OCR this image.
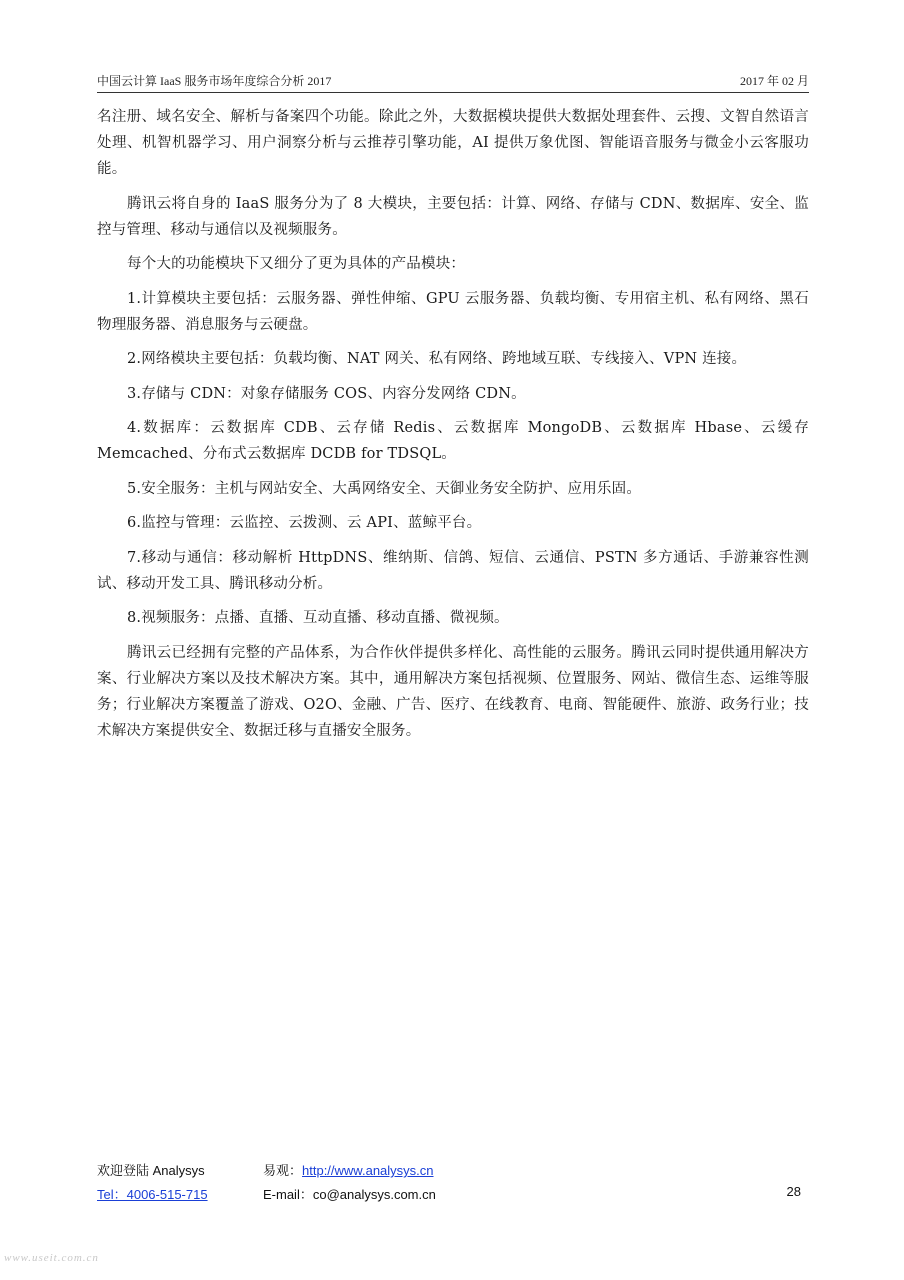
中国云计算 IaaS 服务市场年度综合分析 2017	2017 年 02 月

名注册、域名安全、解析与备案四个功能。除此之外，大数据模块提供大数据处理套件、云搜、文智自然语言处理、机智机器学习、用户洞察分析与云推荐引擎功能，AI 提供万象优图、智能语音服务与微金小云客服功能。

腾讯云将自身的 IaaS 服务分为了 8 大模块，主要包括：计算、网络、存储与 CDN、数据库、安全、监控与管理、移动与通信以及视频服务。

每个大的功能模块下又细分了更为具体的产品模块：

1.计算模块主要包括：云服务器、弹性伸缩、GPU 云服务器、负载均衡、专用宿主机、私有网络、黑石物理服务器、消息服务与云硬盘。

2.网络模块主要包括：负载均衡、NAT 网关、私有网络、跨地域互联、专线接入、VPN 连接。

3.存储与 CDN：对象存储服务 COS、内容分发网络 CDN。

4.数据库：云数据库 CDB、云存储 Redis、云数据库 MongoDB、云数据库 Hbase、云缓存 Memcached、分布式云数据库 DCDB for TDSQL。

5.安全服务：主机与网站安全、大禹网络安全、天御业务安全防护、应用乐固。

6.监控与管理：云监控、云拨测、云 API、蓝鲸平台。

7.移动与通信：移动解析 HttpDNS、维纳斯、信鸽、短信、云通信、PSTN 多方通话、手游兼容性测试、移动开发工具、腾讯移动分析。

8.视频服务：点播、直播、互动直播、移动直播、微视频。

腾讯云已经拥有完整的产品体系，为合作伙伴提供多样化、高性能的云服务。腾讯云同时提供通用解决方案、行业解决方案以及技术解决方案。其中，通用解决方案包括视频、位置服务、网站、微信生态、运维等服务；行业解决方案覆盖了游戏、O2O、金融、广告、医疗、在线教育、电商、智能硬件、旅游、政务行业；技术解决方案提供安全、数据迁移与直播安全服务。

欢迎登陆 Analysys	易观：http://www.analysys.cn
Tel：4006-515-715	E-mail：co@analysys.com.cn	28
www.useit.com.cn
